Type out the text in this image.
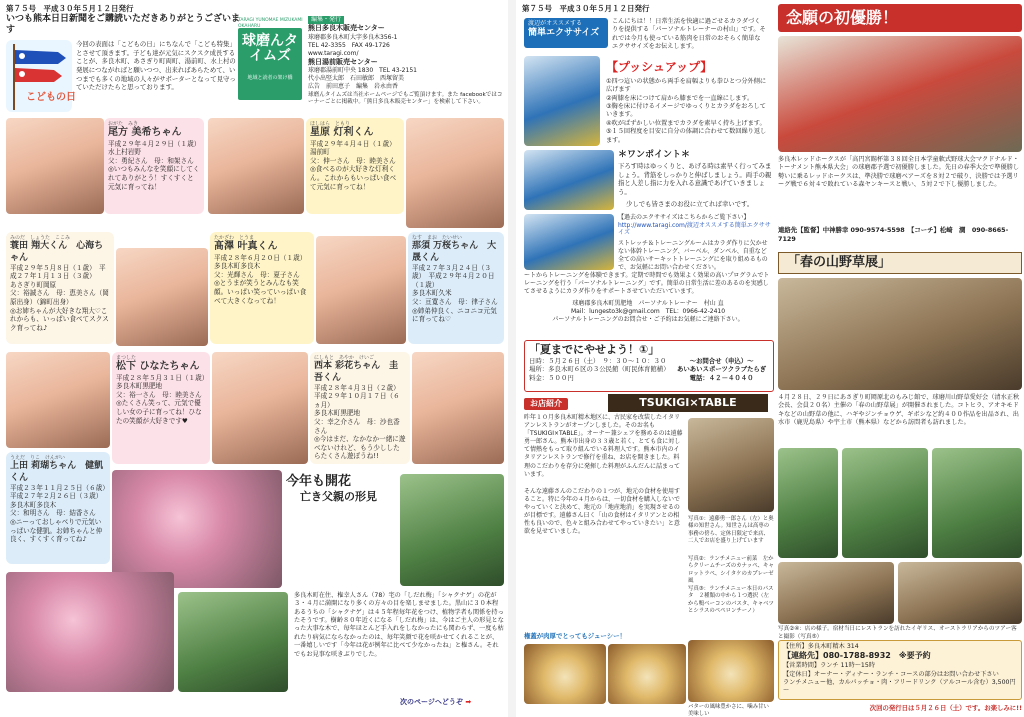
第７５号　平成３０年５月１２日発行
いつも熊本日日新聞をご購読いただきありがとうございます
こどもの日
今回の表面は「こどもの日」にちなんで「こども特集」とさせて頂きます。子ども達が元気にスクスク成長することが、多良木町、あさぎり町両町、湯前町、水上村の発展につながればと願いつつ、出来ればあらためて、いつまでも多くの地域の人々がサポーターとなって見守っていただけたらと思っております。
球磨んタイムズ
地域と読者の架け橋
TARAGI YUNOMAE MIZUKAMI OKAHARU
編集・発行
熊日多良木販売センター
球磨郡多良木町大字多良木356-1
TEL 42-3355　FAX 49-1726
www.taragi.com/
熊日湯前販売センター
球磨郡湯前町中央 1830　TEL 43-2151
代小出堅太郎　石田敏郎　西塚留美
広告　前田恵子　編集　岩永由香
球磨んタイムズは当社ホームページでもご覧頂けます。また facebookではコーナーごとに掲載中。「熊日多良木販売センター」を検索して下さい。
おがた　みき
尾方 美希ちゃん
平成２９年４月２９日（１歳）
水上村岩野
父：勇紀さん　母：和架さん
◎いつもみんなを笑顔にしてくれてありがとう！すくすくと元気に育ってね！
ほしはら　ともり
星原 灯利くん
平成２９年４月４日（１歳）
湯前町
父：伸一さん　母：睦美さん
◎食べるのが大好きな灯利くん。これからもいっぱい食べて元気に育ってね！
みのだ　しょうた　ここみ
蓑田 翔大くん　心海ちゃん
平成２９年５月８日（１歳）　平成２７年１月１３日（３歳）
あさぎり町岡原
父：裕誠さん　母：恵美さん（岡原出身）（錦町出身）
◎お姉ちゃんが大好きな翔大♡これからも、いっぱい食べてスクスク育ってね♪
たかざわ　とうま
髙澤 叶真くん
平成２８年６月２０日（１歳）
多良木町多良木
父：光輝さん　母：夏子さん
◎とうまが笑うとみんなも笑顔。いっぱい笑っていっぱい食べて大きくなってね！
なす　まお　たいせい
那須 万桜ちゃん　大晟くん
平成２７年３月２４日（３歳）　平成２９年４月２０日（１歳）
多良木町久米
父：亘寛さん　母：律子さん
◎姉弟仲良く、ニコニコ元気に育ってね♡
まつした
松下 ひなたちゃん
平成２８年５月３１日（１歳）
多良木町黒肥地
父：裕一さん　母：睦美さん
◎たくさん笑って、元気で優しい女の子に育ってね！ひなたの笑顔が大好きです♥
にしもと　あやか　けいご
西本 彩花ちゃん　圭吾くん
平成２８年４月３日（２歳）　平成２９年１０月１７日（６ヵ月）
多良木町黒肥地
父：幸之介さん　母：沙也香さん
◎今はまだ、なかなか一緒に遊べないけれど、もう少ししたらたくさん遊ぼうね!!
うえだ　りこ　けんがい
上田 莉瑚ちゃん　健凱くん
平成２３年１１月２５日（６歳）　平成２７年２月２６日（３歳）
多良木町多良木
父：和明さん　母：結香さん
◎ニーっておしゃべりで元気いっぱいな健凱。お姉ちゃんと仲良く、すくすく育ってね♪
今年も開花
亡き父親の形見
多良木町在住、権幸人さん（78）宅の「しだれ梅」「シャクナゲ」の花が３・４月に満開になり多くの方々の目を楽しませました。黒山に３０本程あるうちの「シャクナゲ」は４５年程毎年花をつけ、植物学者も関係を持ったそうです。樹齢８０年近くになる「しだれ梅」は、今はご主人の形見となった大事な木で、毎年ほとんど手入れをしなかったにも関わらず、一度も枯れたり病気にならなかったのは、毎年笑顔で花を咲かせてくれることが、一番嬉しいです「今年は花が例年に比べて少なかったね」と権さん。それでもお見事な咲きぶりでした。
次のページへどうぞ ➡
第７５号　平成３０年５月１２日発行
渡辺がオススメする
簡単エクササイズ
こんにちは！！日常生活を快適に過ごせるカラダづくりを提供する「パーソナルトレーナーの村山」です。それでは今月も使っている筋肉を日常のおそらく簡単なエクササイズをお伝えします。
【プッシュアップ】
①四つ這いの状態から両手を肩幅よりも拳ひとつ分外側に広げます
②両膝を床につけて肩から膝までを一直線にします。
③胸を床に付けるイメージでゆっくりとカラダをおろしていきます。
④吹がぱずかしい位置までカラダを素早く持ち上げます。
⑤１５回程度を目安に自分の体調に合わせて数回繰り返します。
＊ワンポイント＊
下ろす時はゆっくりと、あげる時は素早く行ってみましょう。背筋をしっかりと伸ばしましょう。両手の親指と人差し指に力を入れる意識であげていきましょう。
少しでも皆さまのお役に立てれば幸いです。
【過去のエクササイズはこちらからご覧下さい】
http://www.taragi.com/渡辺オススメする簡単エクササイズ
ストレッチ＆トレーニングルームはカラダ作りに欠かせない体幹トレーニング、バーベル、ダンベル、自重など全ての高いサーキットトレーニングにを取り組めるもので、お気軽にお問い合わせください。
ートからトレーニングを体験できます。定期で時間でも効果よく効果の高いプログラムでトレーニングを行う「パーソナルトレーニング」です。簡単の日常生活に差のあるのを実感してさせるようにカラダ作りをサポートさせていただいています。
球磨郡多良木町黒肥地　パーソナルトレーナー　村山 直
Mail：lungesto3k@gmail.com　TEL：0966-42-2410
パーソナルトレーニングのお問合せ・ご予約はお気軽にご連絡下さい。
「夏までにやせよう！①」
日時：５月２６日（土）　９：３０～１０：３０
場所：多良木町６区の３公民館（町民体育館横）
料金：５００円
～お問合せ（申込）～
あいあいスポーツクラブたらぎ
電話：４２－４０４０
お店紹介	TSUKIGI×TABLE
昨年１０月多良木町精木地区に、古民家を改装したイタリアンレストランがオープンしました。そのお名も「TSUKIGI×TABLE」。オーナー兼シェフを務めるのは遠藤勇一郎さん。熊本市出身の３３歳と若く、とても食に対して情熱をもって取り組んでいる料理人です。熊本市内のイタリアンレストランで修行を重ね、お店を開きました。料理のこだわりを存分に発揮した料理がふんだんに詰まっています。
そんな遠藤さんのこだわりの１つが、地元の食材を使用すること。特に今年の４月からは、一切食材を購入しないでやっていくと決めて、地元の「地産地消」を実現させるのが目標です。遠藤さん曰く「山の食材はイタリアンとの相性も良いので、色々と組み合わせてやっていきたい」と意欲を見せていました。
写真①：遠藤勇一郎さん（左）と奥様の知世さん。知世さんは高専の事務の傍ら、定休日限定で来店、二人でお店を盛り上げています
写真②：ランチメニュー前菜　左からクリームチーズのカナッペ、キャロットラペ、シイタケのカプレーゼ風
写真③：ランチメニュー本日のパスタ　２種類の中から１つ選択（左から鴨ベーコンのパスタ、キャベツとシラスのペペロンチーノ）
権蓋が肉厚でとってもジューシー！
バターの風味豊かさに、噛み甘い美味しい
念願の初優勝！
多良木レッドホークスが「高円宮賜杯第３８回全日本学童軟式野球大会マクドナルド・トーナメント熊本県大会」の球磨郡予選で初優勝しました。先日の春季大会で準優勝し勢いに乗るレッドホークスは、準決勝で球磨ベアーズを８対２で破り、決勝では予選リーグ戦で６対４で敗れている森ヤンキースと戦い、５対２で下し優勝しました。
連絡先【監督】中神勝幸 090-9574-5598　【コーチ】松崎　潤　090-8665-7129
「春の山野草展」
４月２８日、２９日にあさぎり町岡原北のもみじ館で、球磨川山野草愛好会（清水正秋会長、会員２０名）主催の「春の山野草展」が開催されました。コトヒラ、アオキモドキなどの山野草の他に、ハギやジンチョウゲ、ギボシなど約４００作品を出品され、出水市（鹿児島県）や宇土市（熊本県）などから訪問者も訪れました。
写真②④：店の様子。宿材当日にレストランを訪れたイギリス、オーストラリアからのツアー客と撮影（写真⑤）
【住所】多良木町精木 314
【連絡先】080-1788-8932　※要予約
【営業時間】ランチ 11時～15時
【定休日】オーナー・ディナー・ランチ・コースの部分はお問い合わせ下さい
ランチメニュー他、カルパッチョ・肉・フリードリンク（アルコール含む）3,500円～
次回の発行日は５月２６日（土）です。お楽しみに!!
